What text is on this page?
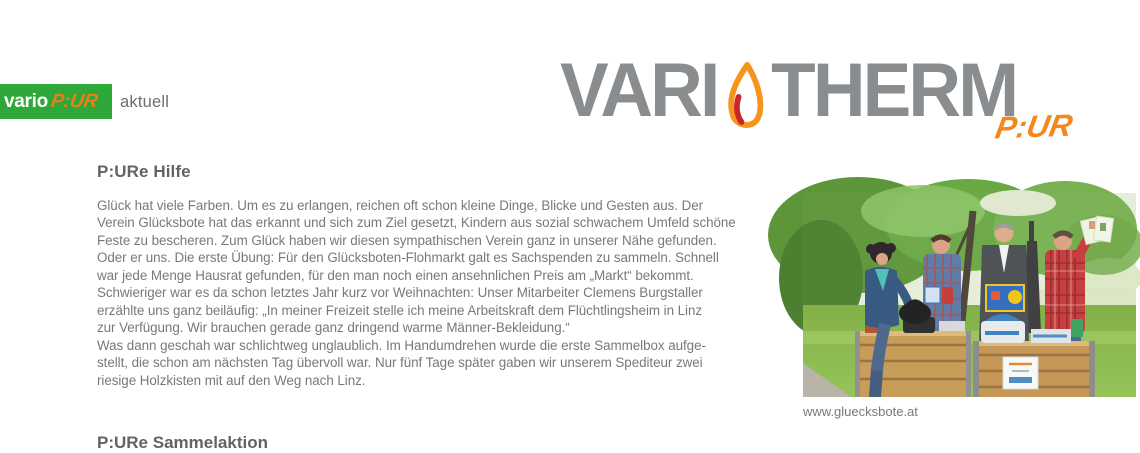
vario P:UR aktuell	VARI THERM
P:UR
P:URe Hilfe
Glück hat viele Farben. Um es zu erlangen, reichen oft schon kleine Dinge, Blicke und Gesten aus. Der
Verein Glücksbote hat das erkannt und sich zum Ziel gesetzt, Kindern aus sozial schwachem Umfeld schöne
Feste zu bescheren. Zum Glück haben wir diesen sympathischen Verein ganz in unserer Nähe gefunden.
Oder er uns. Die erste Übung: Für den Glücksboten-Flohmarkt galt es Sachspenden zu sammeln. Schnell
war jede Menge Hausrat gefunden, für den man noch einen ansehnlichen Preis am „Markt“ bekommt.
Schwieriger war es da schon letztes Jahr kurz vor Weihnachten: Unser Mitarbeiter Clemens Burgstaller
erzählte uns ganz beiläufig: „In meiner Freizeit stelle ich meine Arbeitskraft dem Flüchtlingsheim in Linz
zur Verfügung. Wir brauchen gerade ganz dringend warme Männer-Bekleidung.“
Was dann geschah war schlichtweg unglaublich. Im Handumdrehen wurde die erste Sammelbox aufge-
stellt, die schon am nächsten Tag übervoll war. Nur fünf Tage später gaben wir unserem Spediteur zwei
riesige Holzkisten mit auf den Weg nach Linz.
www.gluecksbote.at
P:URe Sammelaktion
